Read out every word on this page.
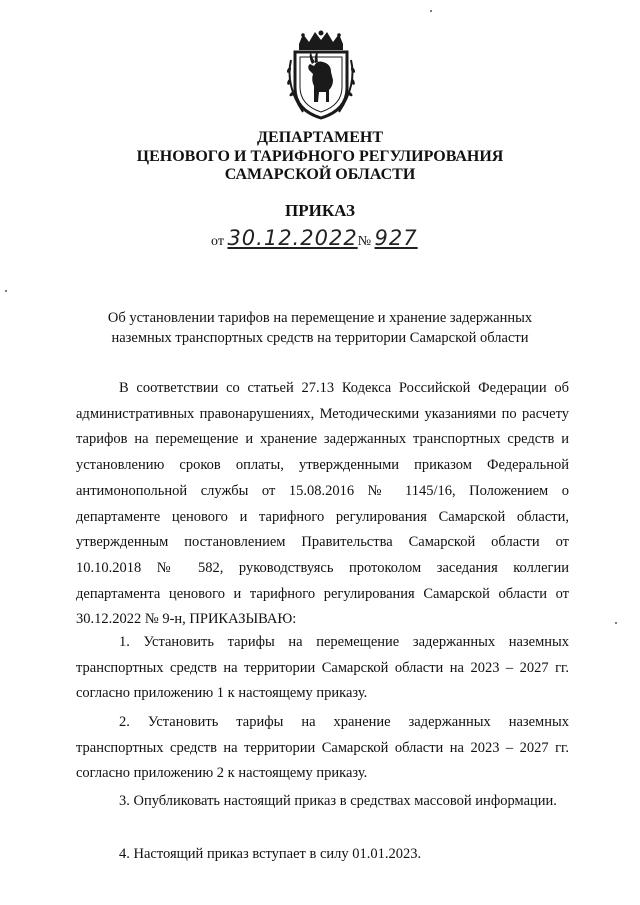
ДЕПАРТАМЕНТ
ЦЕНОВОГО И ТАРИФНОГО РЕГУЛИРОВАНИЯ
САМАРСКОЙ ОБЛАСТИ
ПРИКАЗ
от 30.12.2022№ 927
Об установлении тарифов на перемещение и хранение задержанных
наземных транспортных средств на территории Самарской области

В соответствии со статьей 27.13 Кодекса Российской Федерации об административных правонарушениях, Методическими указаниями по расчету тарифов на перемещение и хранение задержанных транспортных средств и установлению сроков оплаты, утвержденными приказом Федеральной антимонопольной службы от 15.08.2016 № 1145/16, Положением о департаменте ценового и тарифного регулирования Самарской области, утвержденным постановлением Правительства Самарской области от 10.10.2018 № 582, руководствуясь протоколом заседания коллегии департамента ценового и тарифного регулирования Самарской области от 30.12.2022 № 9-н, ПРИКАЗЫВАЮ:

1. Установить тарифы на перемещение задержанных наземных транспортных средств на территории Самарской области на 2023 – 2027 гг. согласно приложению 1 к настоящему приказу.

2. Установить тарифы на хранение задержанных наземных транспортных средств на территории Самарской области на 2023 – 2027 гг. согласно приложению 2 к настоящему приказу.

3. Опубликовать настоящий приказ в средствах массовой информации.

4. Настоящий приказ вступает в силу 01.01.2023.
